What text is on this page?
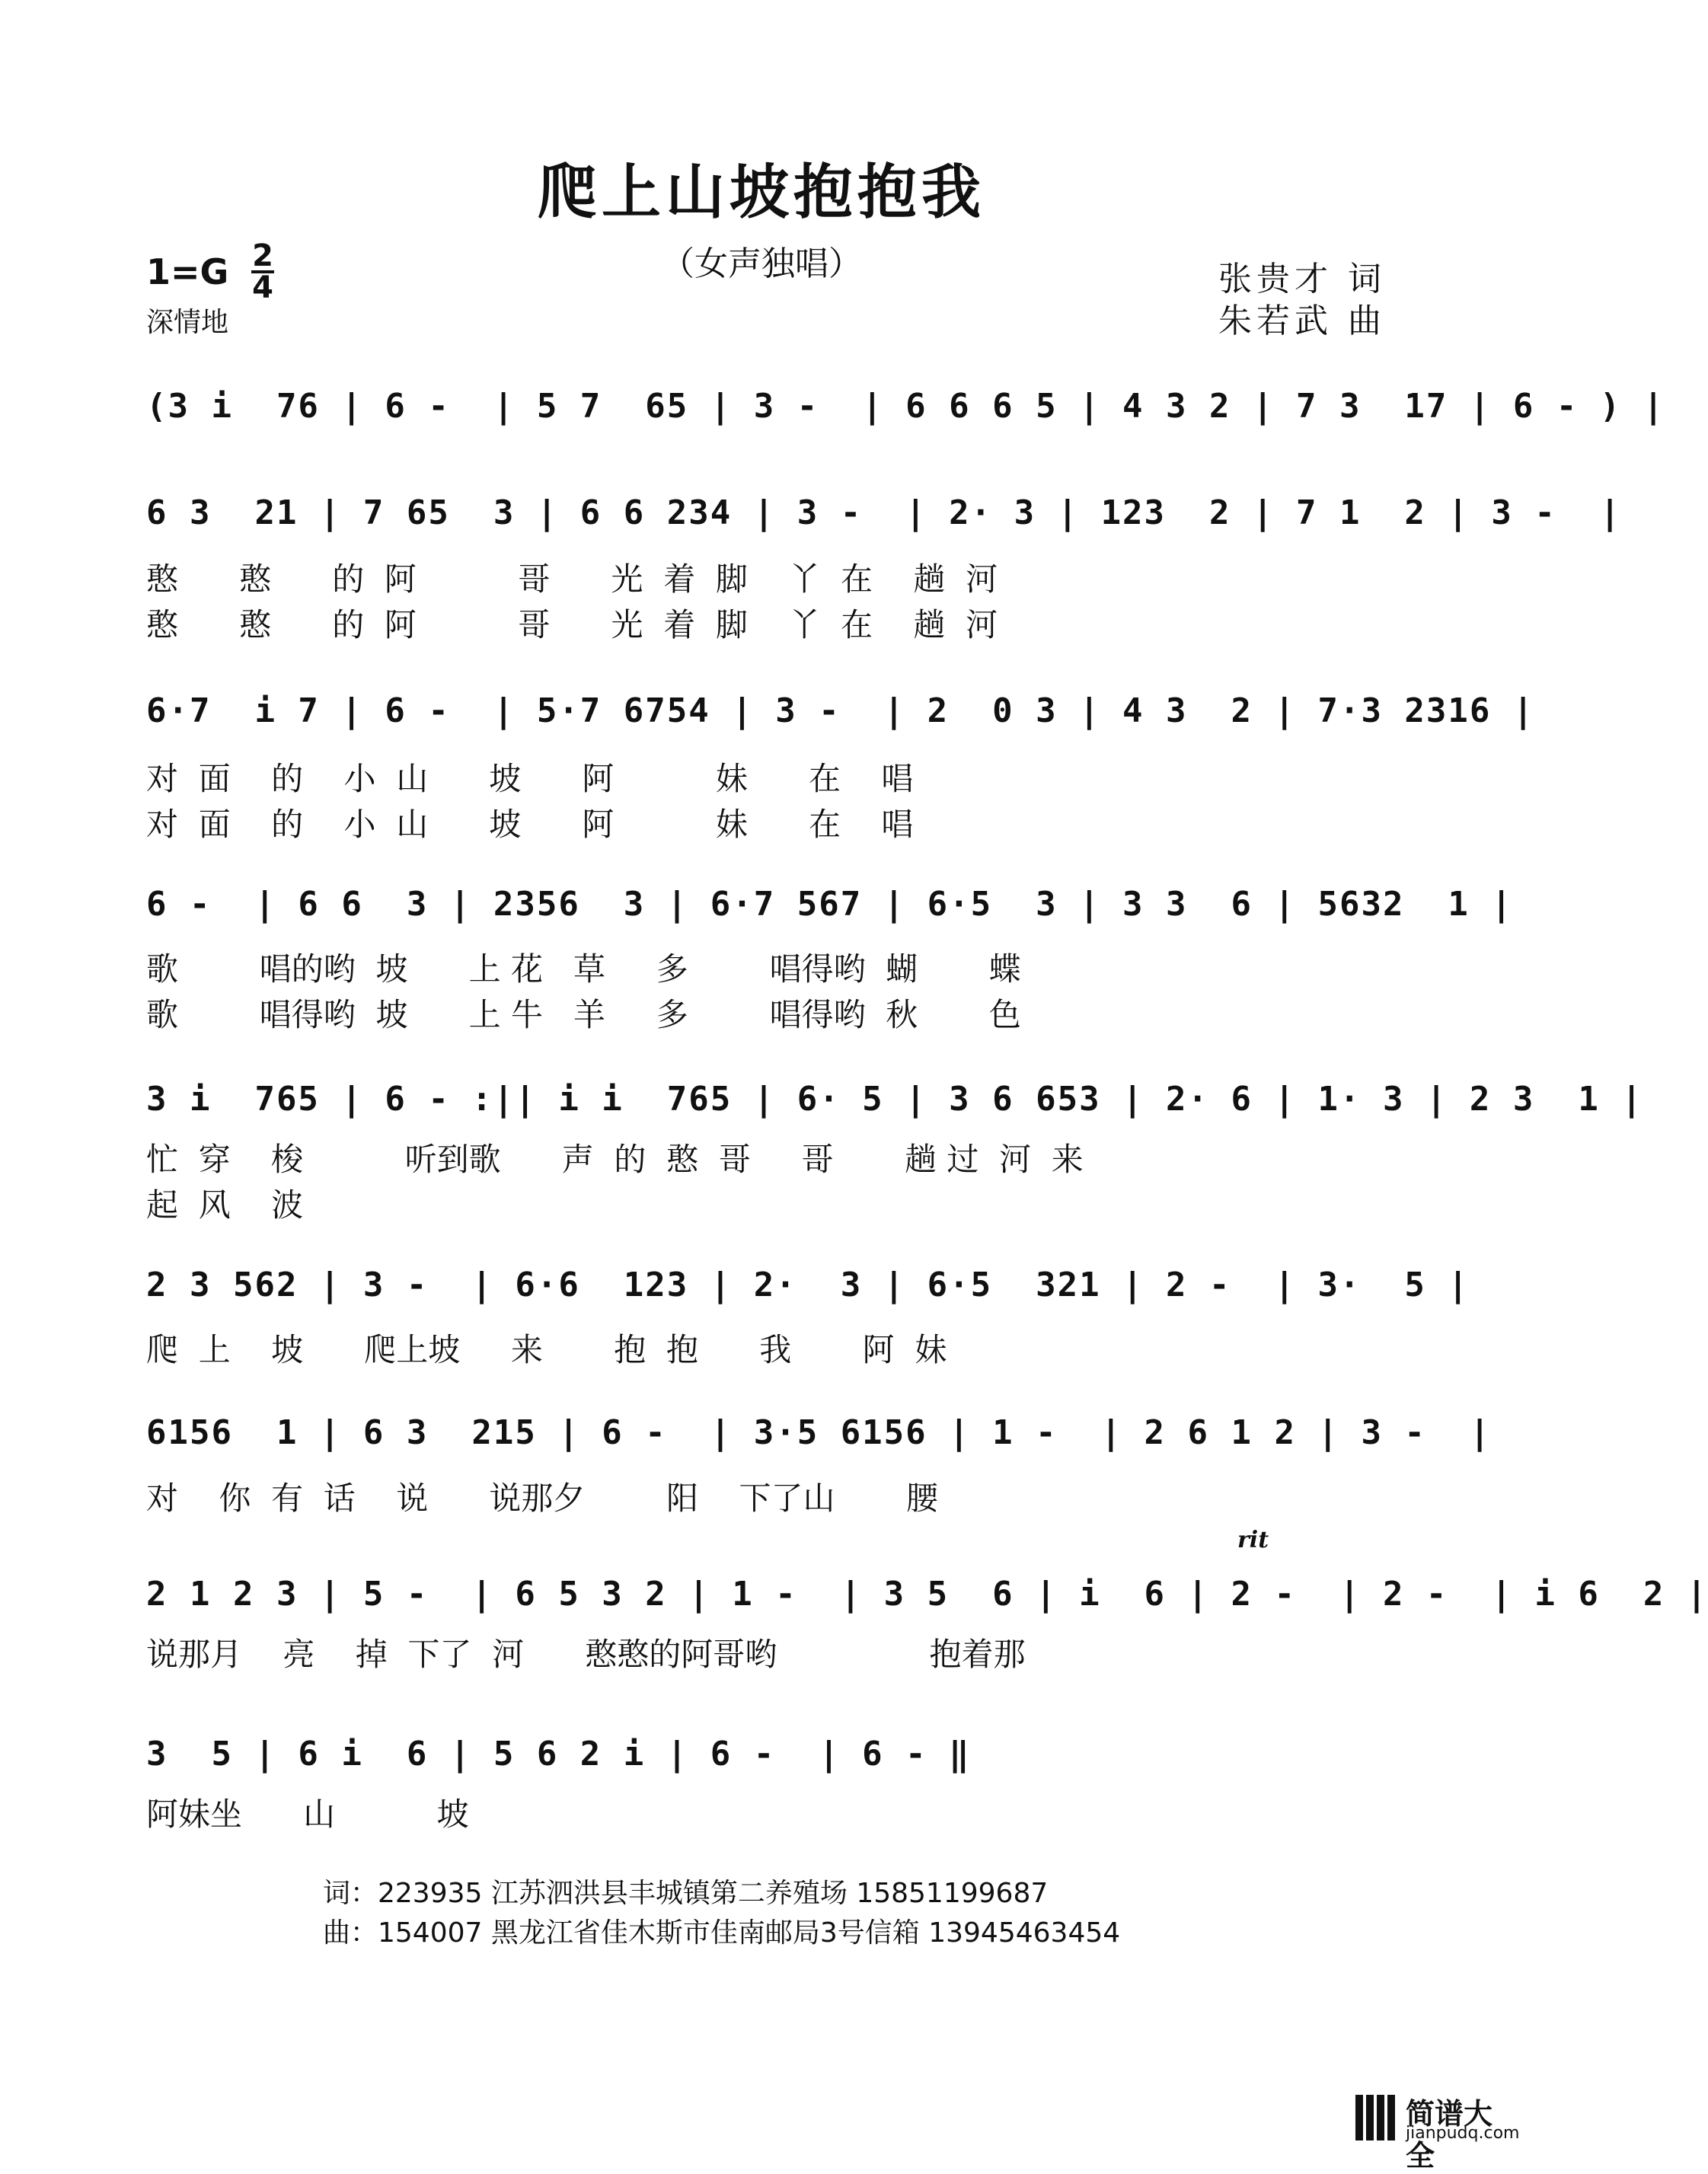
爬上山坡抱抱我
（女声独唱）
1=G 2
4
深情地
张贵才 词
朱若武 曲
(3 i  76 | 6 -  | 5 7  65 | 3 -  | 6 6 6 5 | 4 3 2 | 7 3  17 | 6 - ) |
6 3  21 | 7 65  3 | 6 6 234 | 3 -  | 2· 3 | 123  2 | 7 1  2 | 3 -  |
憨      憨      的  阿          哥      光  着  脚    丫  在    趟  河
憨      憨      的  阿          哥      光  着  脚    丫  在    趟  河
6·7  i 7 | 6 -  | 5·7 6754 | 3 -  | 2  0 3 | 4 3  2 | 7·3 2316 |
对  面    的    小  山      坡      阿          妹      在    唱
对  面    的    小  山      坡      阿          妹      在    唱
6 -  | 6 6  3 | 2356  3 | 6·7 567 | 6·5  3 | 3 3  6 | 5632  1 |
歌        唱的哟  坡      上 花   草     多        唱得哟  蝴       蝶
歌        唱得哟  坡      上 牛   羊     多        唱得哟  秋       色
3 i  765 | 6 - :|| i i  765 | 6· 5 | 3 6 653 | 2· 6 | 1· 3 | 2 3  1 |
忙  穿    梭          听到歌      声  的  憨  哥     哥       趟 过  河  来
起  风    波
2 3 562 | 3 -  | 6·6  123 | 2·  3 | 6·5  321 | 2 -  | 3·  5 |
爬  上    坡      爬上坡     来       抱  抱      我       阿  妹
6156  1 | 6 3  215 | 6 -  | 3·5 6156 | 1 -  | 2 6 1 2 | 3 -  |
对    你  有  话    说      说那夕        阳    下了山       腰
rit
2 1 2 3 | 5 -  | 6 5 3 2 | 1 -  | 3 5  6 | i  6 | 2 -  | 2 -  | i 6  2 |
说那月    亮    掉  下了  河      憨憨的阿哥哟               抱着那
3  5 | 6 i  6 | 5 6 2 i | 6 -  | 6 - ‖
阿妹坐      山          坡
词：223935 江苏泗洪县丰城镇第二养殖场 15851199687
曲：154007 黑龙江省佳木斯市佳南邮局3号信箱 13945463454
简谱大全
jianpudq.com
